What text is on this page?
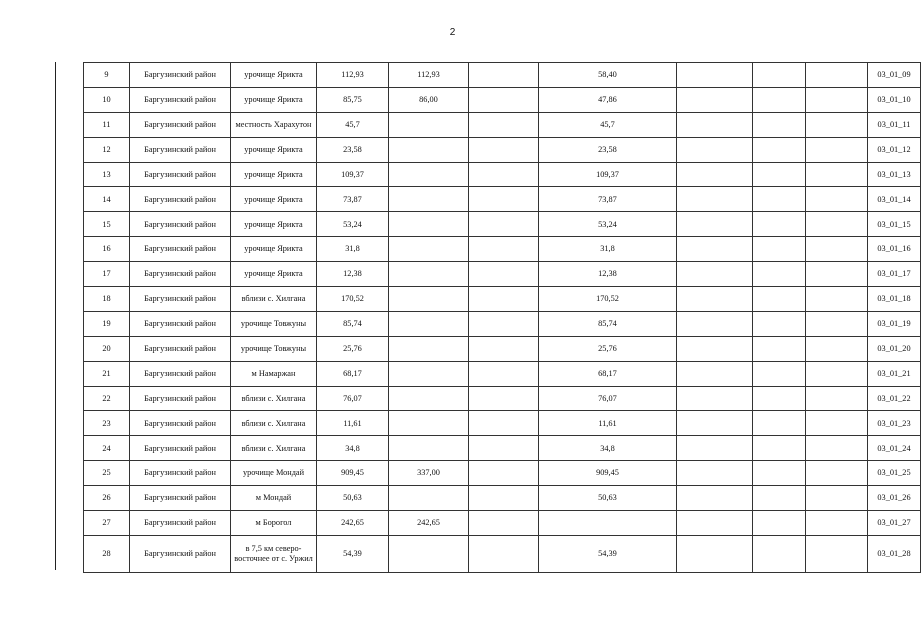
2
9	Баргузинский район	урочище Ярикта	112,93	112,93		58,40				03_01_09
10	Баргузинский район	урочище Ярикта	85,75	86,00		47,86				03_01_10
11	Баргузинский район	местность Харахутон	45,7			45,7				03_01_11
12	Баргузинский район	урочище Ярикта	23,58			23,58				03_01_12
13	Баргузинский район	урочище Ярикта	109,37			109,37				03_01_13
14	Баргузинский район	урочище Ярикта	73,87			73,87				03_01_14
15	Баргузинский район	урочище Ярикта	53,24			53,24				03_01_15
16	Баргузинский район	урочище Ярикта	31,8			31,8				03_01_16
17	Баргузинский район	урочище Ярикта	12,38			12,38				03_01_17
18	Баргузинский район	вблизи с. Хилгана	170,52			170,52				03_01_18
19	Баргузинский район	урочище Товжуны	85,74			85,74				03_01_19
20	Баргузинский район	урочище Товжуны	25,76			25,76				03_01_20
21	Баргузинский район	м Намаржан	68,17			68,17				03_01_21
22	Баргузинский район	вблизи с. Хилгана	76,07			76,07				03_01_22
23	Баргузинский район	вблизи с. Хилгана	11,61			11,61				03_01_23
24	Баргузинский район	вблизи с. Хилгана	34,8			34,8				03_01_24
25	Баргузинский район	урочище Мондай	909,45	337,00		909,45				03_01_25
26	Баргузинский район	м Мондай	50,63			50,63				03_01_26
27	Баргузинский район	м Борогол	242,65	242,65						03_01_27
28	Баргузинский район	в 7,5 км северо-восточнее от с. Уржил	54,39			54,39				03_01_28
